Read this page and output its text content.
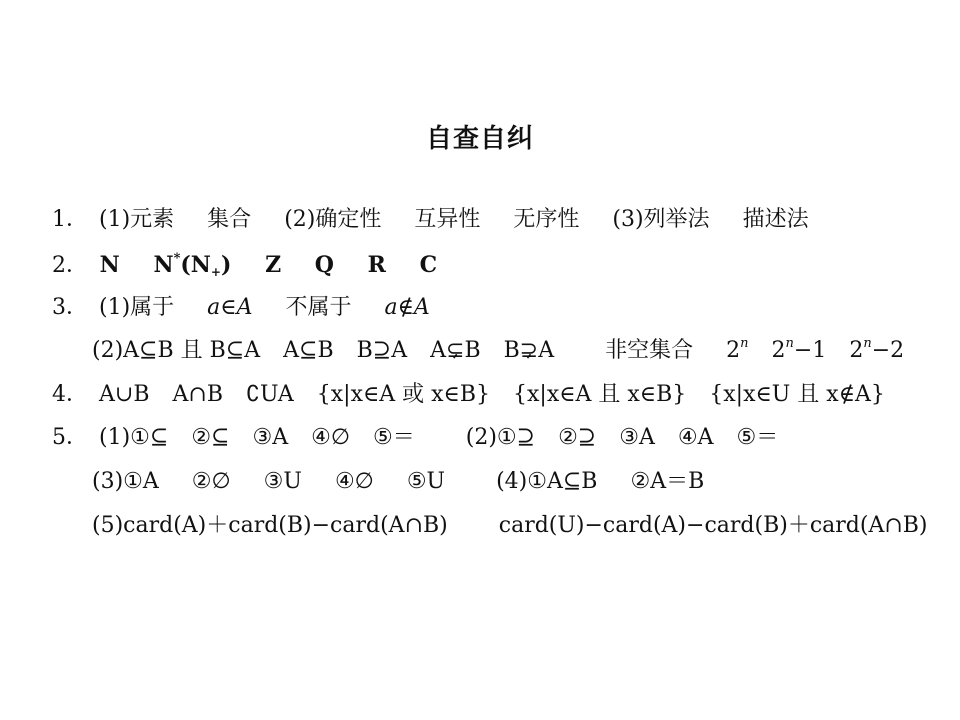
自查自纠
1． (1)元素 集合 (2)确定性 互异性 无序性 (3)列举法 描述法
2． N $N^*(N_+)$ Z Q R C
3． (1)属于 a∈A 不属于 a∉A
(2)A⊆B 且 B⊆A A⊆B B⊇A A⊊B B⊋A 非空集合 2$^n$ $2^n-1$ $2^n-2$
4． A∪B A∩B ∁UA {x|x∈A 或 x∈B} {x|x∈A 且 x∈B} {x|x∈U 且 x∉A}
5． (1)①⊆ ②⊆ ③A ④∅ ⑤＝ (2)①⊇ ②⊇ ③A ④A ⑤＝
(3)①A ②∅ ③U ④∅ ⑤U (4)①A⊆B ②A＝B
(5)card(A)＋card(B)−card(A∩B) card(U)−card(A)−card(B)＋card(A∩B)
